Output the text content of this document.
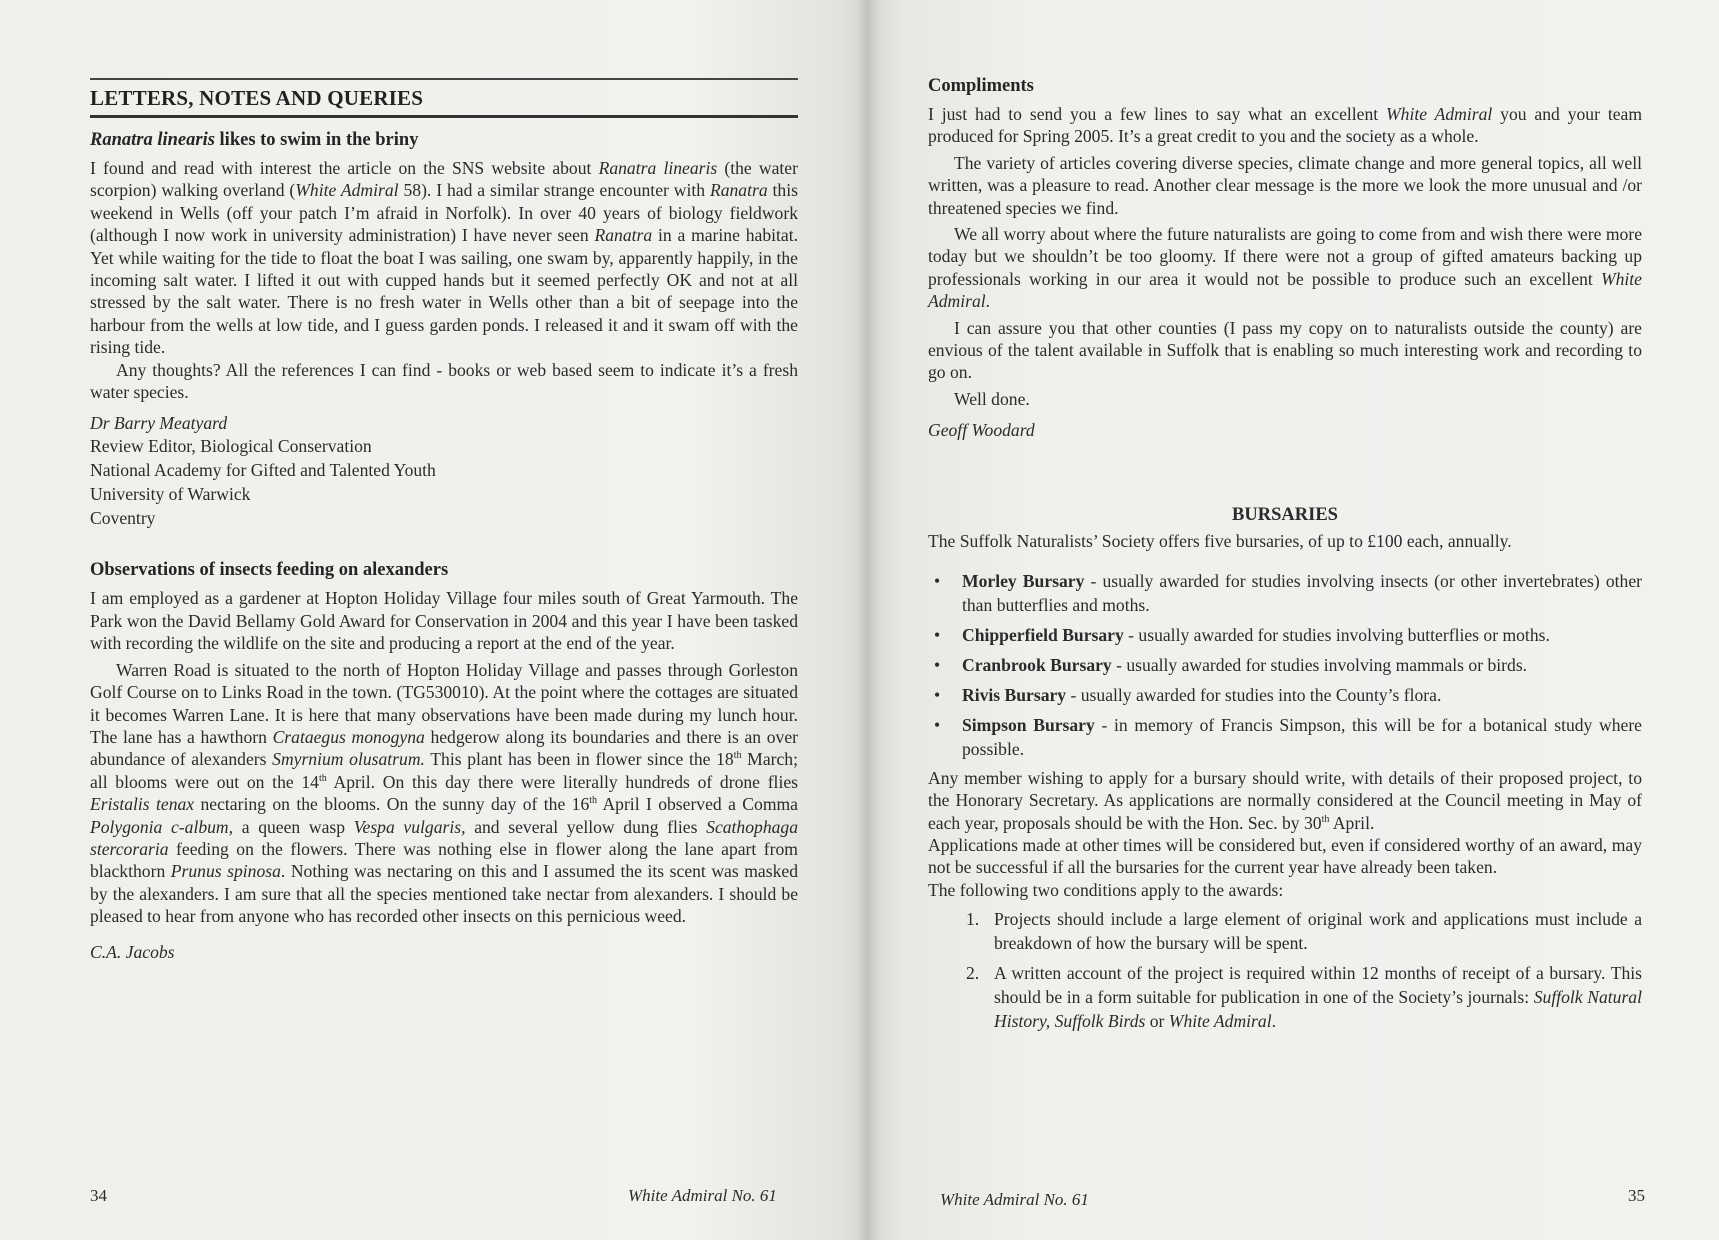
LETTERS, NOTES AND QUERIES
Ranatra linearis likes to swim in the briny

I found and read with interest the article on the SNS website about Ranatra linearis (the water scorpion) walking overland (White Admiral 58). I had a similar strange encounter with Ranatra this weekend in Wells (off your patch I’m afraid in Norfolk). In over 40 years of biology fieldwork (although I now work in university administration) I have never seen Ranatra in a marine habitat. Yet while waiting for the tide to float the boat I was sailing, one swam by, apparently happily, in the incoming salt water. I lifted it out with cupped hands but it seemed perfectly OK and not at all stressed by the salt water. There is no fresh water in Wells other than a bit of seepage into the harbour from the wells at low tide, and I guess garden ponds. I released it and it swam off with the rising tide.

Any thoughts? All the references I can find - books or web based seem to indicate it’s a fresh water species.

Dr Barry Meatyard
Review Editor, Biological Conservation
National Academy for Gifted and Talented Youth
University of Warwick
Coventry
Observations of insects feeding on alexanders

I am employed as a gardener at Hopton Holiday Village four miles south of Great Yarmouth. The Park won the David Bellamy Gold Award for Conservation in 2004 and this year I have been tasked with recording the wildlife on the site and producing a report at the end of the year.

Warren Road is situated to the north of Hopton Holiday Village and passes through Gorleston Golf Course on to Links Road in the town. (TG530010). At the point where the cottages are situated it becomes Warren Lane. It is here that many observations have been made during my lunch hour. The lane has a hawthorn Crataegus monogyna hedgerow along its boundaries and there is an over abundance of alexanders Smyrnium olusatrum. This plant has been in flower since the 18th March; all blooms were out on the 14th April. On this day there were literally hundreds of drone flies Eristalis tenax nectaring on the blooms. On the sunny day of the 16th April I observed a Comma Polygonia c-album, a queen wasp Vespa vulgaris, and several yellow dung flies Scathophaga stercoraria feeding on the flowers. There was nothing else in flower along the lane apart from blackthorn Prunus spinosa. Nothing was nectaring on this and I assumed the its scent was masked by the alexanders. I am sure that all the species mentioned take nectar from alexanders. I should be pleased to hear from anyone who has recorded other insects on this pernicious weed.

C.A. Jacobs
34	White Admiral No. 61
Compliments

I just had to send you a few lines to say what an excellent White Admiral you and your team produced for Spring 2005. It’s a great credit to you and the society as a whole.

The variety of articles covering diverse species, climate change and more general topics, all well written, was a pleasure to read. Another clear message is the more we look the more unusual and /or threatened species we find.

We all worry about where the future naturalists are going to come from and wish there were more today but we shouldn’t be too gloomy. If there were not a group of gifted amateurs backing up professionals working in our area it would not be possible to produce such an excellent White Admiral.

I can assure you that other counties (I pass my copy on to naturalists outside the county) are envious of the talent available in Suffolk that is enabling so much interesting work and recording to go on.

Well done.

Geoff Woodard
BURSARIES

The Suffolk Naturalists’ Society offers five bursaries, of up to £100 each, annually.

• Morley Bursary - usually awarded for studies involving insects (or other invertebrates) other than butterflies and moths.
• Chipperfield Bursary - usually awarded for studies involving butterflies or moths.
• Cranbrook Bursary - usually awarded for studies involving mammals or birds.
• Rivis Bursary - usually awarded for studies into the County’s flora.
• Simpson Bursary - in memory of Francis Simpson, this will be for a botanical study where possible.

Any member wishing to apply for a bursary should write, with details of their proposed project, to the Honorary Secretary. As applications are normally considered at the Council meeting in May of each year, proposals should be with the Hon. Sec. by 30th April.

Applications made at other times will be considered but, even if considered worthy of an award, may not be successful if all the bursaries for the current year have already been taken.

The following two conditions apply to the awards:

1. Projects should include a large element of original work and applications must include a breakdown of how the bursary will be spent.
2. A written account of the project is required within 12 months of receipt of a bursary. This should be in a form suitable for publication in one of the Society’s journals: Suffolk Natural History, Suffolk Birds or White Admiral.
White Admiral No. 61	35
